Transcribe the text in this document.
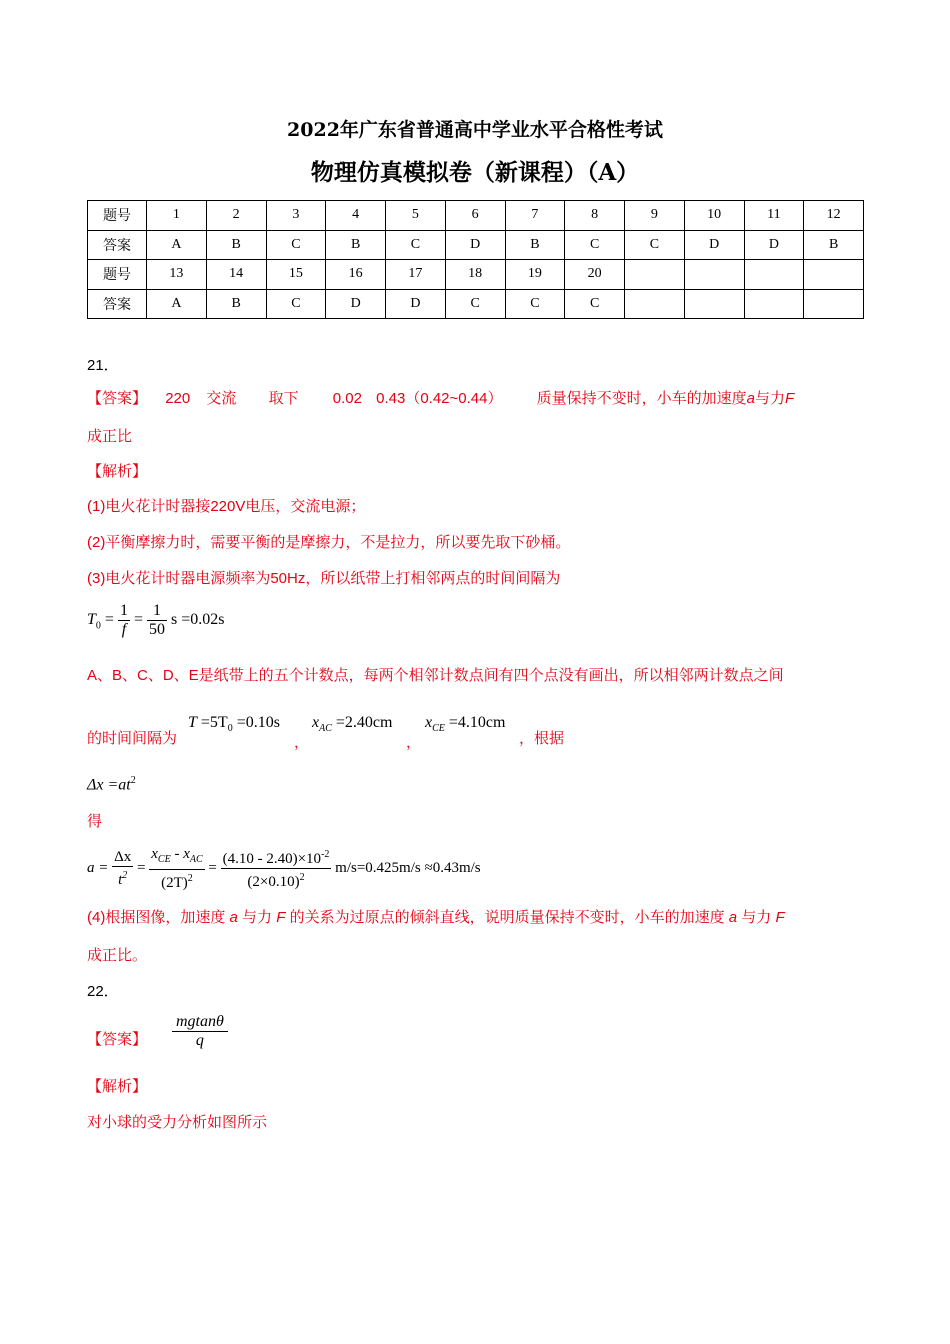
2022年广东省普通高中学业水平合格性考试
物理仿真模拟卷（新课程）（A）
题号	1	2	3	4	5	6	7	8	9	10	11	12
答案	A	B	C	B	C	D	B	C	C	D	D	B
题号	13	14	15	16	17	18	19	20				
答案	A	B	C	D	D	C	C	C				
21．
【答案】 220 交流 取下 0.02 0.43（0.42~0.44） 质量保持不变时，小车的加速度a与力F
成正比
【解析】
(1)电火花计时器接220V电压，交流电源；
(2)平衡摩擦力时，需要平衡的是摩擦力，不是拉力，所以要先取下砂桶。
(3)电火花计时器电源频率为50Hz，所以纸带上打相邻两点的时间间隔为
$T_0 = \frac{1}{f} = \frac{1}{50}$ s =0.02s
A、B、C、D、E是纸带上的五个计数点，每两个相邻计数点间有四个点没有画出，所以相邻两计数点之间
的时间间隔为
$T =5T_0 =0.10s$
，
$x_{AC} =2.40cm$
，
$x_{CE} =4.10cm$
，根据
$\Delta x =at^2$
得
$a = \frac{\Delta x}{t^2} = \frac{x_{CE} - x_{AC}}{(2T)^2} = \frac{(4.10 - 2.40)\times 10^{-2}}{(2\times 0.10)^2} m/s=0.425m/s \approx 0.43m/s$
(4)根据图像，加速度 a 与力 F 的关系为过原点的倾斜直线，说明质量保持不变时，小车的加速度 a 与力 F
成正比。
22．
【答案】 $\frac{mgtan\theta}{q}$
【解析】
对小球的受力分析如图所示
